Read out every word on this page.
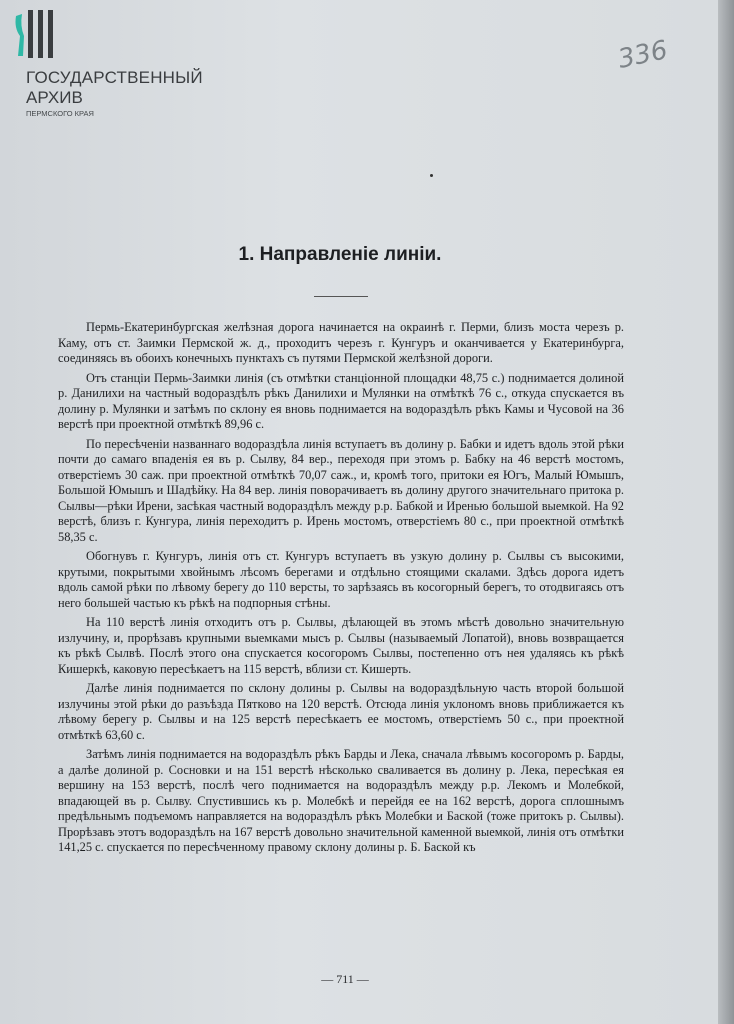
ГОСУДАРСТВЕННЫЙ
АРХИВ
ПЕРМСКОГО КРАЯ
336
1. Направленiе линiи.

Пермь-Екатеринбургская желѣзная дорога начинается на окраинѣ г. Перми, близъ моста черезъ р. Каму, отъ ст. Заимки Пермской ж. д., проходитъ черезъ г. Кунгуръ и оканчивается у Екатеринбурга, соединяясь въ обоихъ конечныхъ пунктахъ съ путями Пермской желѣзной дороги.

Отъ станцiи Пермь-Заимки линiя (съ отмѣтки станцiонной площадки 48,75 с.) поднимается долиной р. Данилихи на частный водораздѣлъ рѣкъ Данилихи и Мулянки на отмѣткѣ 76 с., откуда спускается въ долину р. Мулянки и затѣмъ по склону ея вновь поднимается на водораздѣлъ рѣкъ Камы и Чусовой на 36 верстѣ при проектной отмѣткѣ 89,96 с.

По пересѣченiи названнаго водораздѣла линiя вступаетъ въ долину р. Бабки и идетъ вдоль этой рѣки почти до самаго впаденiя ея въ р. Сылву, 84 вер., переходя при этомъ р. Бабку на 46 верстѣ мостомъ, отверстiемъ 30 саж. при проектной отмѣткѣ 70,07 саж., и, кромѣ того, притоки ея Югъ, Малый Юмышъ, Большой Юмышъ и Шадѣйку. На 84 вер. линiя поворачиваетъ въ долину другого значительнаго притока р. Сылвы—рѣки Ирени, засѣкая частный водораздѣлъ между р.р. Бабкой и Иренью большой выемкой. На 92 верстѣ, близъ г. Кунгура, линiя переходитъ р. Ирень мостомъ, отверстiемъ 80 с., при проектной отмѣткѣ 58,35 с.

Обогнувъ г. Кунгуръ, линiя отъ ст. Кунгуръ вступаетъ въ узкую долину р. Сылвы съ высокими, крутыми, покрытыми хвойнымъ лѣсомъ берегами и отдѣльно стоящими скалами. Здѣсь дорога идетъ вдоль самой рѣки по лѣвому берегу до 110 версты, то зарѣзаясь въ косогорный берегъ, то отодвигаясь отъ него большей частью къ рѣкѣ на подпорныя стѣны.

На 110 верстѣ линiя отходитъ отъ р. Сылвы, дѣлающей въ этомъ мѣстѣ довольно значительную излучину, и, прорѣзавъ крупными выемками мысъ р. Сылвы (называемый Лопатой), вновь возвращается къ рѣкѣ Сылвѣ. Послѣ этого она спускается косогоромъ Сылвы, постепенно отъ нея удаляясь къ рѣкѣ Кишеркѣ, каковую пересѣкаетъ на 115 верстѣ, вблизи ст. Кишерть.

Далѣе линiя поднимается по склону долины р. Сылвы на водораздѣльную часть второй большой излучины этой рѣки до разъѣзда Пятково на 120 верстѣ. Отсюда линiя уклономъ вновь приближается къ лѣвому берегу р. Сылвы и на 125 верстѣ пересѣкаетъ ее мостомъ, отверстiемъ 50 с., при проектной отмѣткѣ 63,60 с.

Затѣмъ линiя поднимается на водораздѣлъ рѣкъ Барды и Лека, сначала лѣвымъ косогоромъ р. Барды, а далѣе долиной р. Сосновки и на 151 верстѣ нѣсколько сваливается въ долину р. Лека, пересѣкая ея вершину на 153 верстѣ, послѣ чего поднимается на водораздѣлъ между р.р. Лекомъ и Молебкой, впадающей въ р. Сылву. Спустившись къ р. Молебкѣ и перейдя ее на 162 верстѣ, дорога сплошнымъ предѣльнымъ подъемомъ направляется на водораздѣлъ рѣкъ Молебки и Баской (тоже притокъ р. Сылвы). Прорѣзавъ этотъ водораздѣлъ на 167 верстѣ довольно значительной каменной выемкой, линiя отъ отмѣтки 141,25 с. спускается по пересѣченному правому склону долины р. Б. Баской къ

— 711 —
